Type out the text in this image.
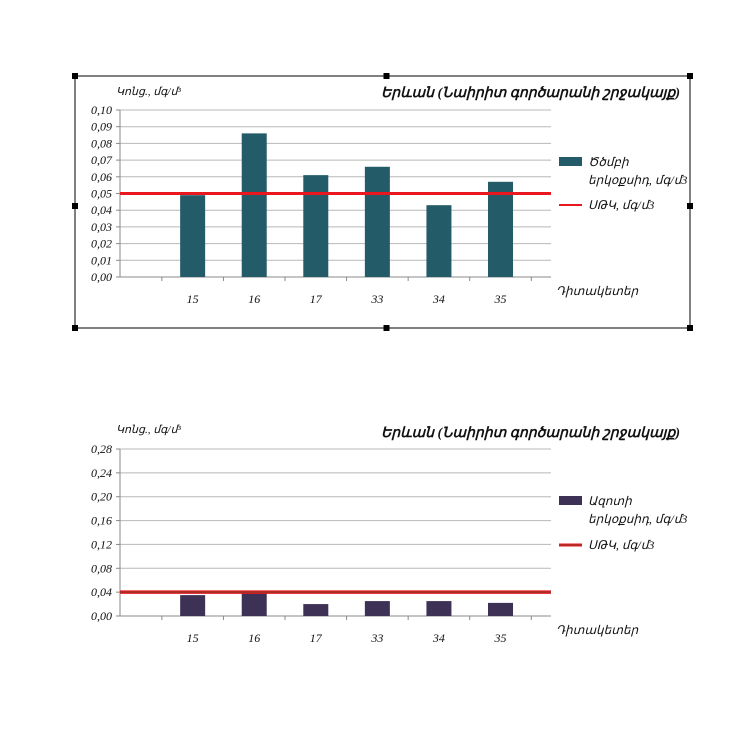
0,00
0,01
0,02
0,03
0,04
0,05
0,06
0,07
0,08
0,09
0,10
15	16	17	33	34	35
Երևան (Նաիրիտ գործարանի շրջակայք)
Կոնց., մգ/մ³
Դիտակետեր
Ծծմբի
երկօքսիդ, մգ/մ3
ՍԹԿ, մգ/մ3
0,00
0,04
0,08
0,12
0,16
0,20
0,24
0,28
15	16	17	33	34	35
Երևան (Նաիրիտ գործարանի շրջակայք)
Կոնց., մգ/մ³
Դիտակետեր
Ազոտի
երկօքսիդ, մգ/մ3
ՍԹԿ, մգ/մ3
